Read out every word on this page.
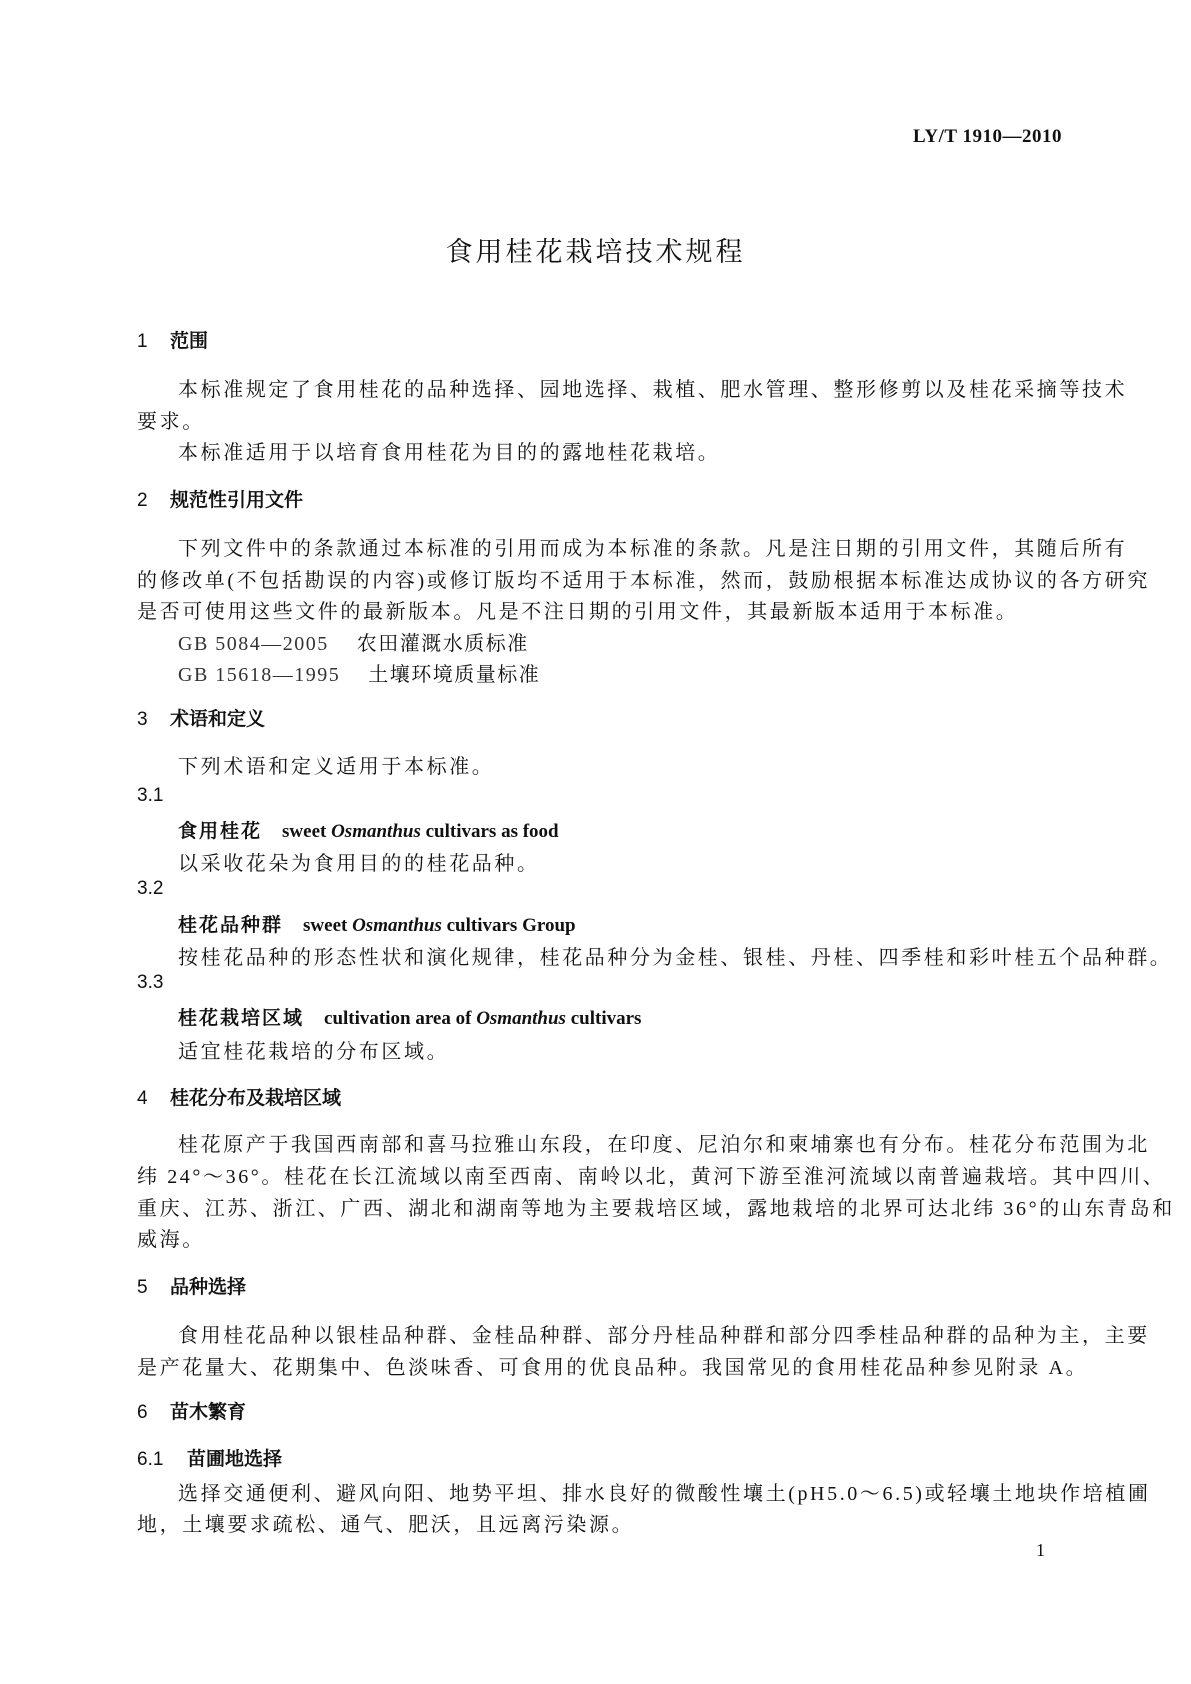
LY/T 1910—2010
食用桂花栽培技术规程
1 范围
本标准规定了食用桂花的品种选择、园地选择、栽植、肥水管理、整形修剪以及桂花采摘等技术
要求。
本标准适用于以培育食用桂花为目的的露地桂花栽培。
2 规范性引用文件
下列文件中的条款通过本标准的引用而成为本标准的条款。凡是注日期的引用文件，其随后所有
的修改单(不包括勘误的内容)或修订版均不适用于本标准，然而，鼓励根据本标准达成协议的各方研究
是否可使用这些文件的最新版本。凡是不注日期的引用文件，其最新版本适用于本标准。
GB 5084—2005 农田灌溉水质标准
GB 15618—1995 土壤环境质量标准
3 术语和定义
下列术语和定义适用于本标准。
3.1
食用桂花 sweet Osmanthus cultivars as food
以采收花朵为食用目的的桂花品种。
3.2
桂花品种群 sweet Osmanthus cultivars Group
按桂花品种的形态性状和演化规律，桂花品种分为金桂、银桂、丹桂、四季桂和彩叶桂五个品种群。
3.3
桂花栽培区域 cultivation area of Osmanthus cultivars
适宜桂花栽培的分布区域。
4 桂花分布及栽培区域
桂花原产于我国西南部和喜马拉雅山东段，在印度、尼泊尔和柬埔寨也有分布。桂花分布范围为北
纬 24°～36°。桂花在长江流域以南至西南、南岭以北，黄河下游至淮河流域以南普遍栽培。其中四川、
重庆、江苏、浙江、广西、湖北和湖南等地为主要栽培区域，露地栽培的北界可达北纬 36°的山东青岛和
威海。
5 品种选择
食用桂花品种以银桂品种群、金桂品种群、部分丹桂品种群和部分四季桂品种群的品种为主，主要
是产花量大、花期集中、色淡味香、可食用的优良品种。我国常见的食用桂花品种参见附录 A。
6 苗木繁育
6.1 苗圃地选择
选择交通便利、避风向阳、地势平坦、排水良好的微酸性壤土(pH5.0～6.5)或轻壤土地块作培植圃
地，土壤要求疏松、通气、肥沃，且远离污染源。
1
